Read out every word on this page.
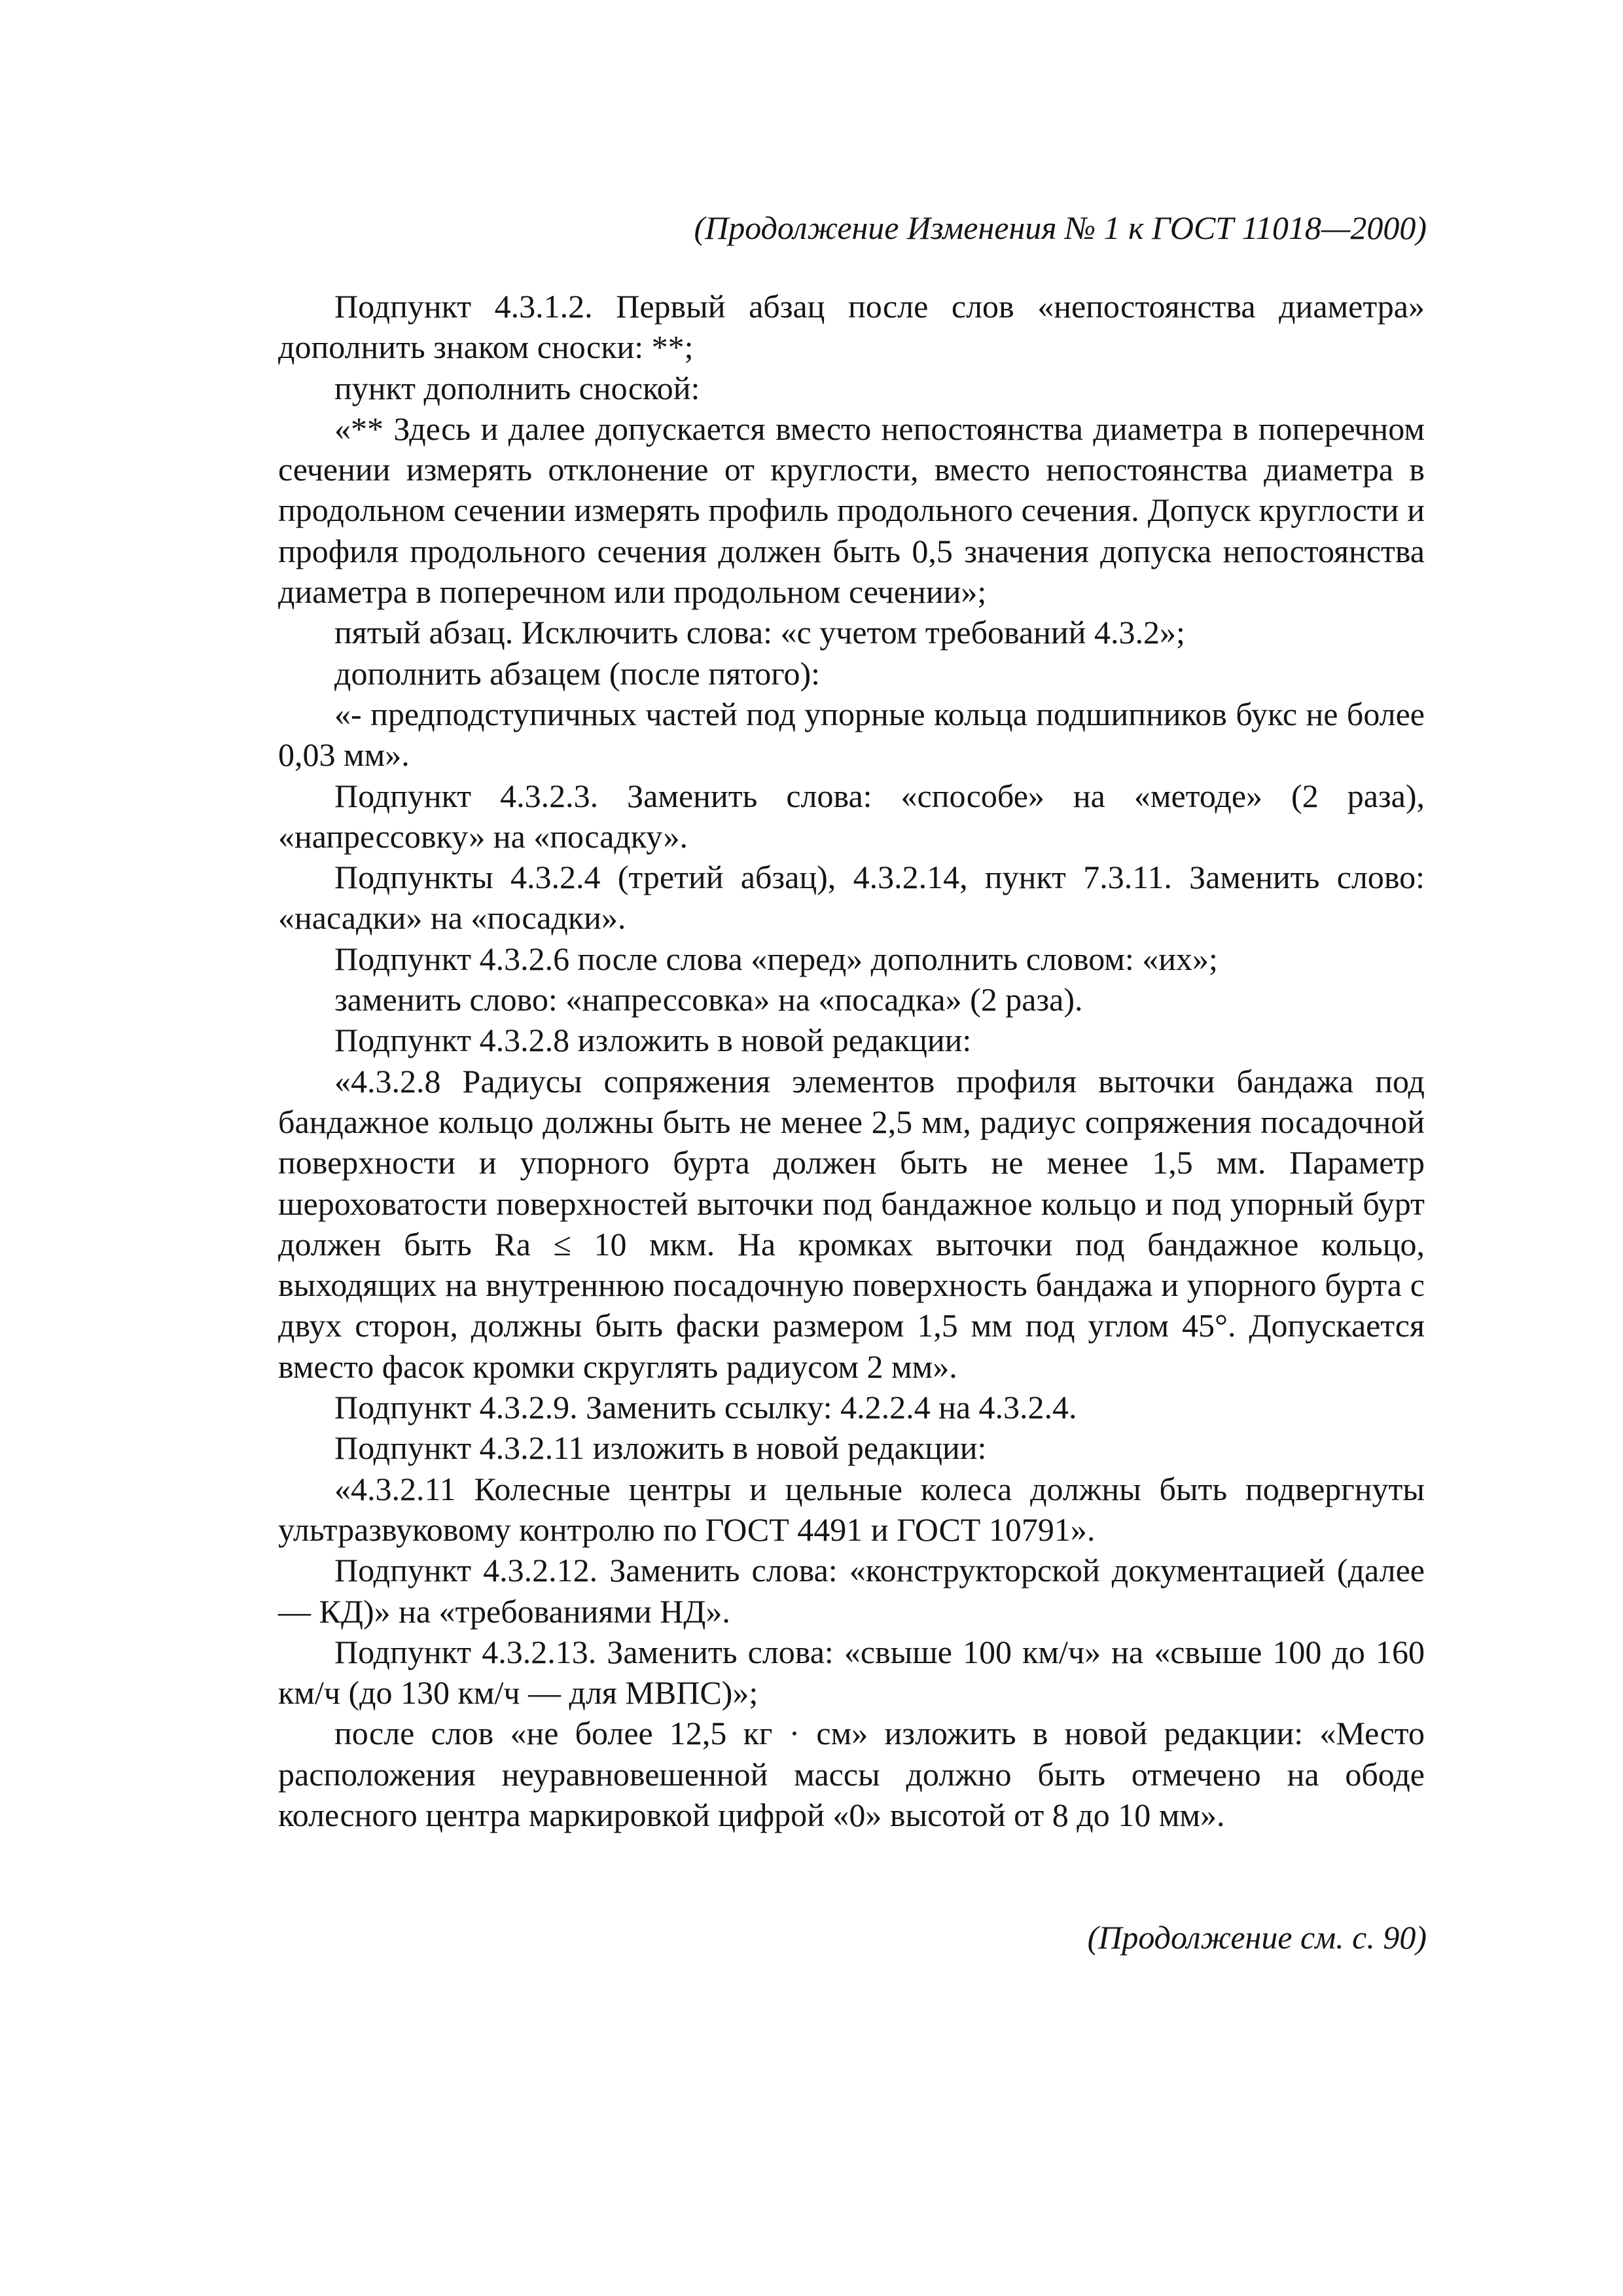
(Продолжение Изменения № 1 к ГОСТ 11018—2000)

Подпункт 4.3.1.2. Первый абзац после слов «непостоянства диаметра» дополнить знаком сноски: **;

пункт дополнить сноской:

«** Здесь и далее допускается вместо непостоянства диаметра в поперечном сечении измерять отклонение от круглости, вместо непостоянства диаметра в продольном сечении измерять профиль продольного сечения. Допуск круглости и профиля продольного сечения должен быть 0,5 значения допуска непостоянства диаметра в поперечном или продольном сечении»;

пятый абзац. Исключить слова: «с учетом требований 4.3.2»;

дополнить абзацем (после пятого):

«- предподступичных частей под упорные кольца подшипников букс не более 0,03 мм».

Подпункт 4.3.2.3. Заменить слова: «способе» на «методе» (2 раза), «напрессовку» на «посадку».

Подпункты 4.3.2.4 (третий абзац), 4.3.2.14, пункт 7.3.11. Заменить слово: «насадки» на «посадки».

Подпункт 4.3.2.6 после слова «перед» дополнить словом: «их»;

заменить слово: «напрессовка» на «посадка» (2 раза).

Подпункт 4.3.2.8 изложить в новой редакции:

«4.3.2.8 Радиусы сопряжения элементов профиля выточки бандажа под бандажное кольцо должны быть не менее 2,5 мм, радиус сопряжения посадочной поверхности и упорного бурта должен быть не менее 1,5 мм. Параметр шероховатости поверхностей выточки под бандажное кольцо и под упорный бурт должен быть Ra ≤ 10 мкм. На кромках выточки под бандажное кольцо, выходящих на внутреннюю посадочную поверхность бандажа и упорного бурта с двух сторон, должны быть фаски размером 1,5 мм под углом 45°. Допускается вместо фасок кромки скруглять радиусом 2 мм».

Подпункт 4.3.2.9. Заменить ссылку: 4.2.2.4 на 4.3.2.4.

Подпункт 4.3.2.11 изложить в новой редакции:

«4.3.2.11 Колесные центры и цельные колеса должны быть подвергнуты ультразвуковому контролю по ГОСТ 4491 и ГОСТ 10791».

Подпункт 4.3.2.12. Заменить слова: «конструкторской документацией (далее — КД)» на «требованиями НД».

Подпункт 4.3.2.13. Заменить слова: «свыше 100 км/ч» на «свыше 100 до 160 км/ч (до 130 км/ч — для МВПС)»;

после слов «не более 12,5 кг · см» изложить в новой редакции: «Место расположения неуравновешенной массы должно быть отмечено на ободе колесного центра маркировкой цифрой «0» высотой от 8 до 10 мм».

(Продолжение см. с. 90)
